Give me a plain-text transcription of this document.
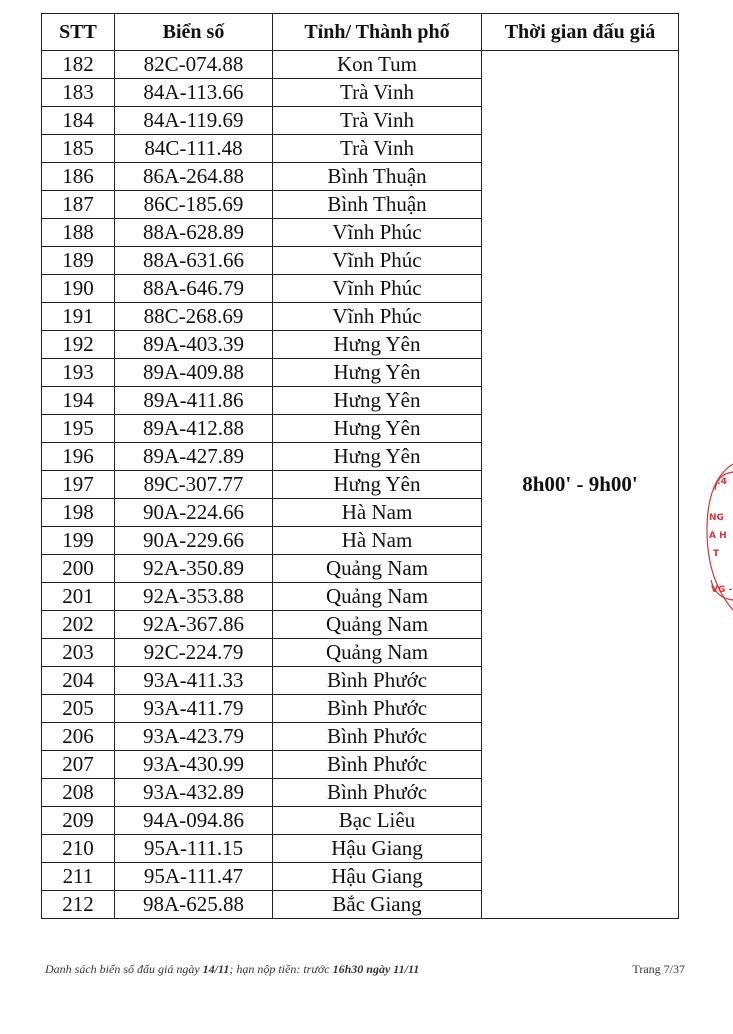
STT	Biển số	Tỉnh/ Thành phố	Thời gian đấu giá
182	82C-074.88	Kon Tum	8h00' - 9h00'
183	84A-113.66	Trà Vinh	
184	84A-119.69	Trà Vinh	
185	84C-111.48	Trà Vinh	
186	86A-264.88	Bình Thuận	
187	86C-185.69	Bình Thuận	
188	88A-628.89	Vĩnh Phúc	
189	88A-631.66	Vĩnh Phúc	
190	88A-646.79	Vĩnh Phúc	
191	88C-268.69	Vĩnh Phúc	
192	89A-403.39	Hưng Yên	
193	89A-409.88	Hưng Yên	
194	89A-411.86	Hưng Yên	
195	89A-412.88	Hưng Yên	
196	89A-427.89	Hưng Yên	
197	89C-307.77	Hưng Yên	
198	90A-224.66	Hà Nam	
199	90A-229.66	Hà Nam	
200	92A-350.89	Quảng Nam	
201	92A-353.88	Quảng Nam	
202	92A-367.86	Quảng Nam	
203	92C-224.79	Quảng Nam	
204	93A-411.33	Bình Phước	
205	93A-411.79	Bình Phước	
206	93A-423.79	Bình Phước	
207	93A-430.99	Bình Phước	
208	93A-432.89	Bình Phước	
209	94A-094.86	Bạc Liêu	
210	95A-111.15	Hậu Giang	
211	95A-111.47	Hậu Giang	
212	98A-625.88	Bắc Giang	
Danh sách biển số đấu giá ngày 14/11; hạn nộp tiền: trước 16h30 ngày 11/11	Trang 7/37
:4
NG
Á H
T
VG -
